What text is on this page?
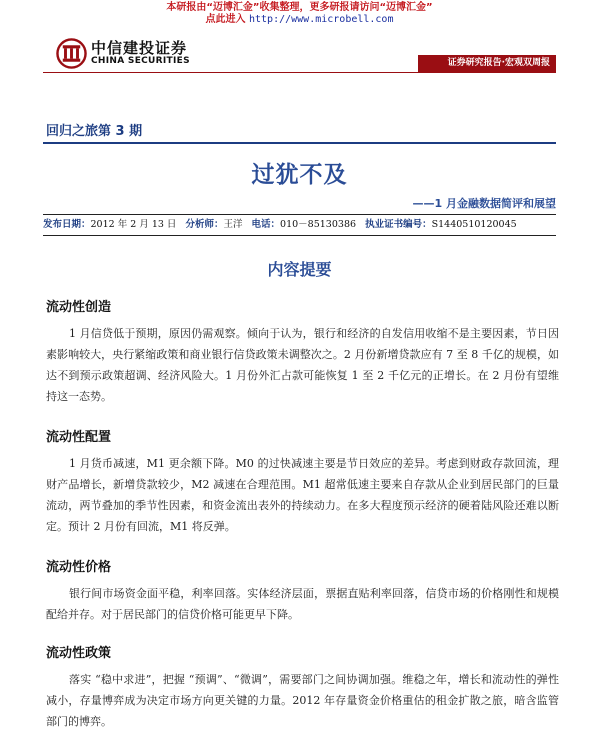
本研报由“迈博汇金”收集整理，更多研报请访问“迈博汇金”
点此进入 http://www.microbell.com
中信建投证券
CHINA SECURITIES	证券研究报告·宏观双周报
回归之旅第 3 期
过犹不及
——1 月金融数据简评和展望
发布日期：2012 年 2 月 13 日 分析师：王洋 电话：010－85130386 执业证书编号：S1440510120045
内容提要
流动性创造

1 月信贷低于预期，原因仍需观察。倾向于认为，银行和经济的自发信用收缩不是主要因素，节日因素影响较大，央行紧缩政策和商业银行信贷政策未调整次之。2 月份新增贷款应有 7 至 8 千亿的规模，如达不到预示政策超调、经济风险大。1 月份外汇占款可能恢复 1 至 2 千亿元的正增长。在 2 月份有望维持这一态势。

流动性配置

1 月货币减速，M1 更余额下降。M0 的过快减速主要是节日效应的差异。考虑到财政存款回流，理财产品增长，新增贷款较少，M2 减速在合理范围。M1 超常低速主要来自存款从企业到居民部门的巨量流动，两节叠加的季节性因素，和资金流出表外的持续动力。在多大程度预示经济的硬着陆风险还难以断定。预计 2 月份有回流，M1 将反弹。

流动性价格

银行间市场资金面平稳，利率回落。实体经济层面，票据直贴利率回落，信贷市场的价格刚性和规模配给并存。对于居民部门的信贷价格可能更早下降。

流动性政策

落实 “稳中求进”，把握 “预调”、“微调”，需要部门之间协调加强。维稳之年，增长和流动性的弹性减小，存量博弈成为决定市场方向更关键的力量。2012 年存量资金价格重估的租金扩散之旅，暗含监管部门的博弈。
